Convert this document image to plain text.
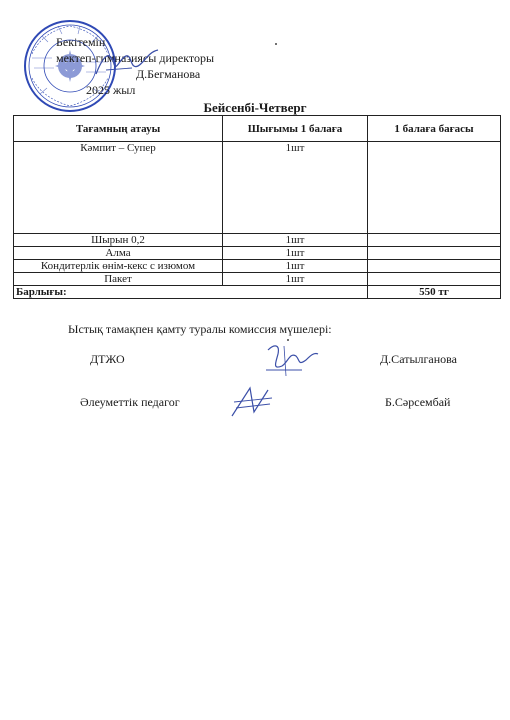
Бекітемін
мектеп-гимназиясы директоры
Д.Бегманова
2025 жыл
Бейсенбі-Четверг
Тағамның атауы	Шығымы 1 балаға	1 балаға бағасы
Кәмпит – Супер	1шт	
Шырын 0,2	1шт	
Алма	1шт	
Кондитерлік өнім-кекс с изюмом	1шт	
Пакет	1шт	
Барлығы:		550 тг
Ыстық тамақпен қамту туралы комиссия мүшелері:
ДТЖО	Д.Сатылганова
Әлеуметтік педагог	Б.Сәрсембай
